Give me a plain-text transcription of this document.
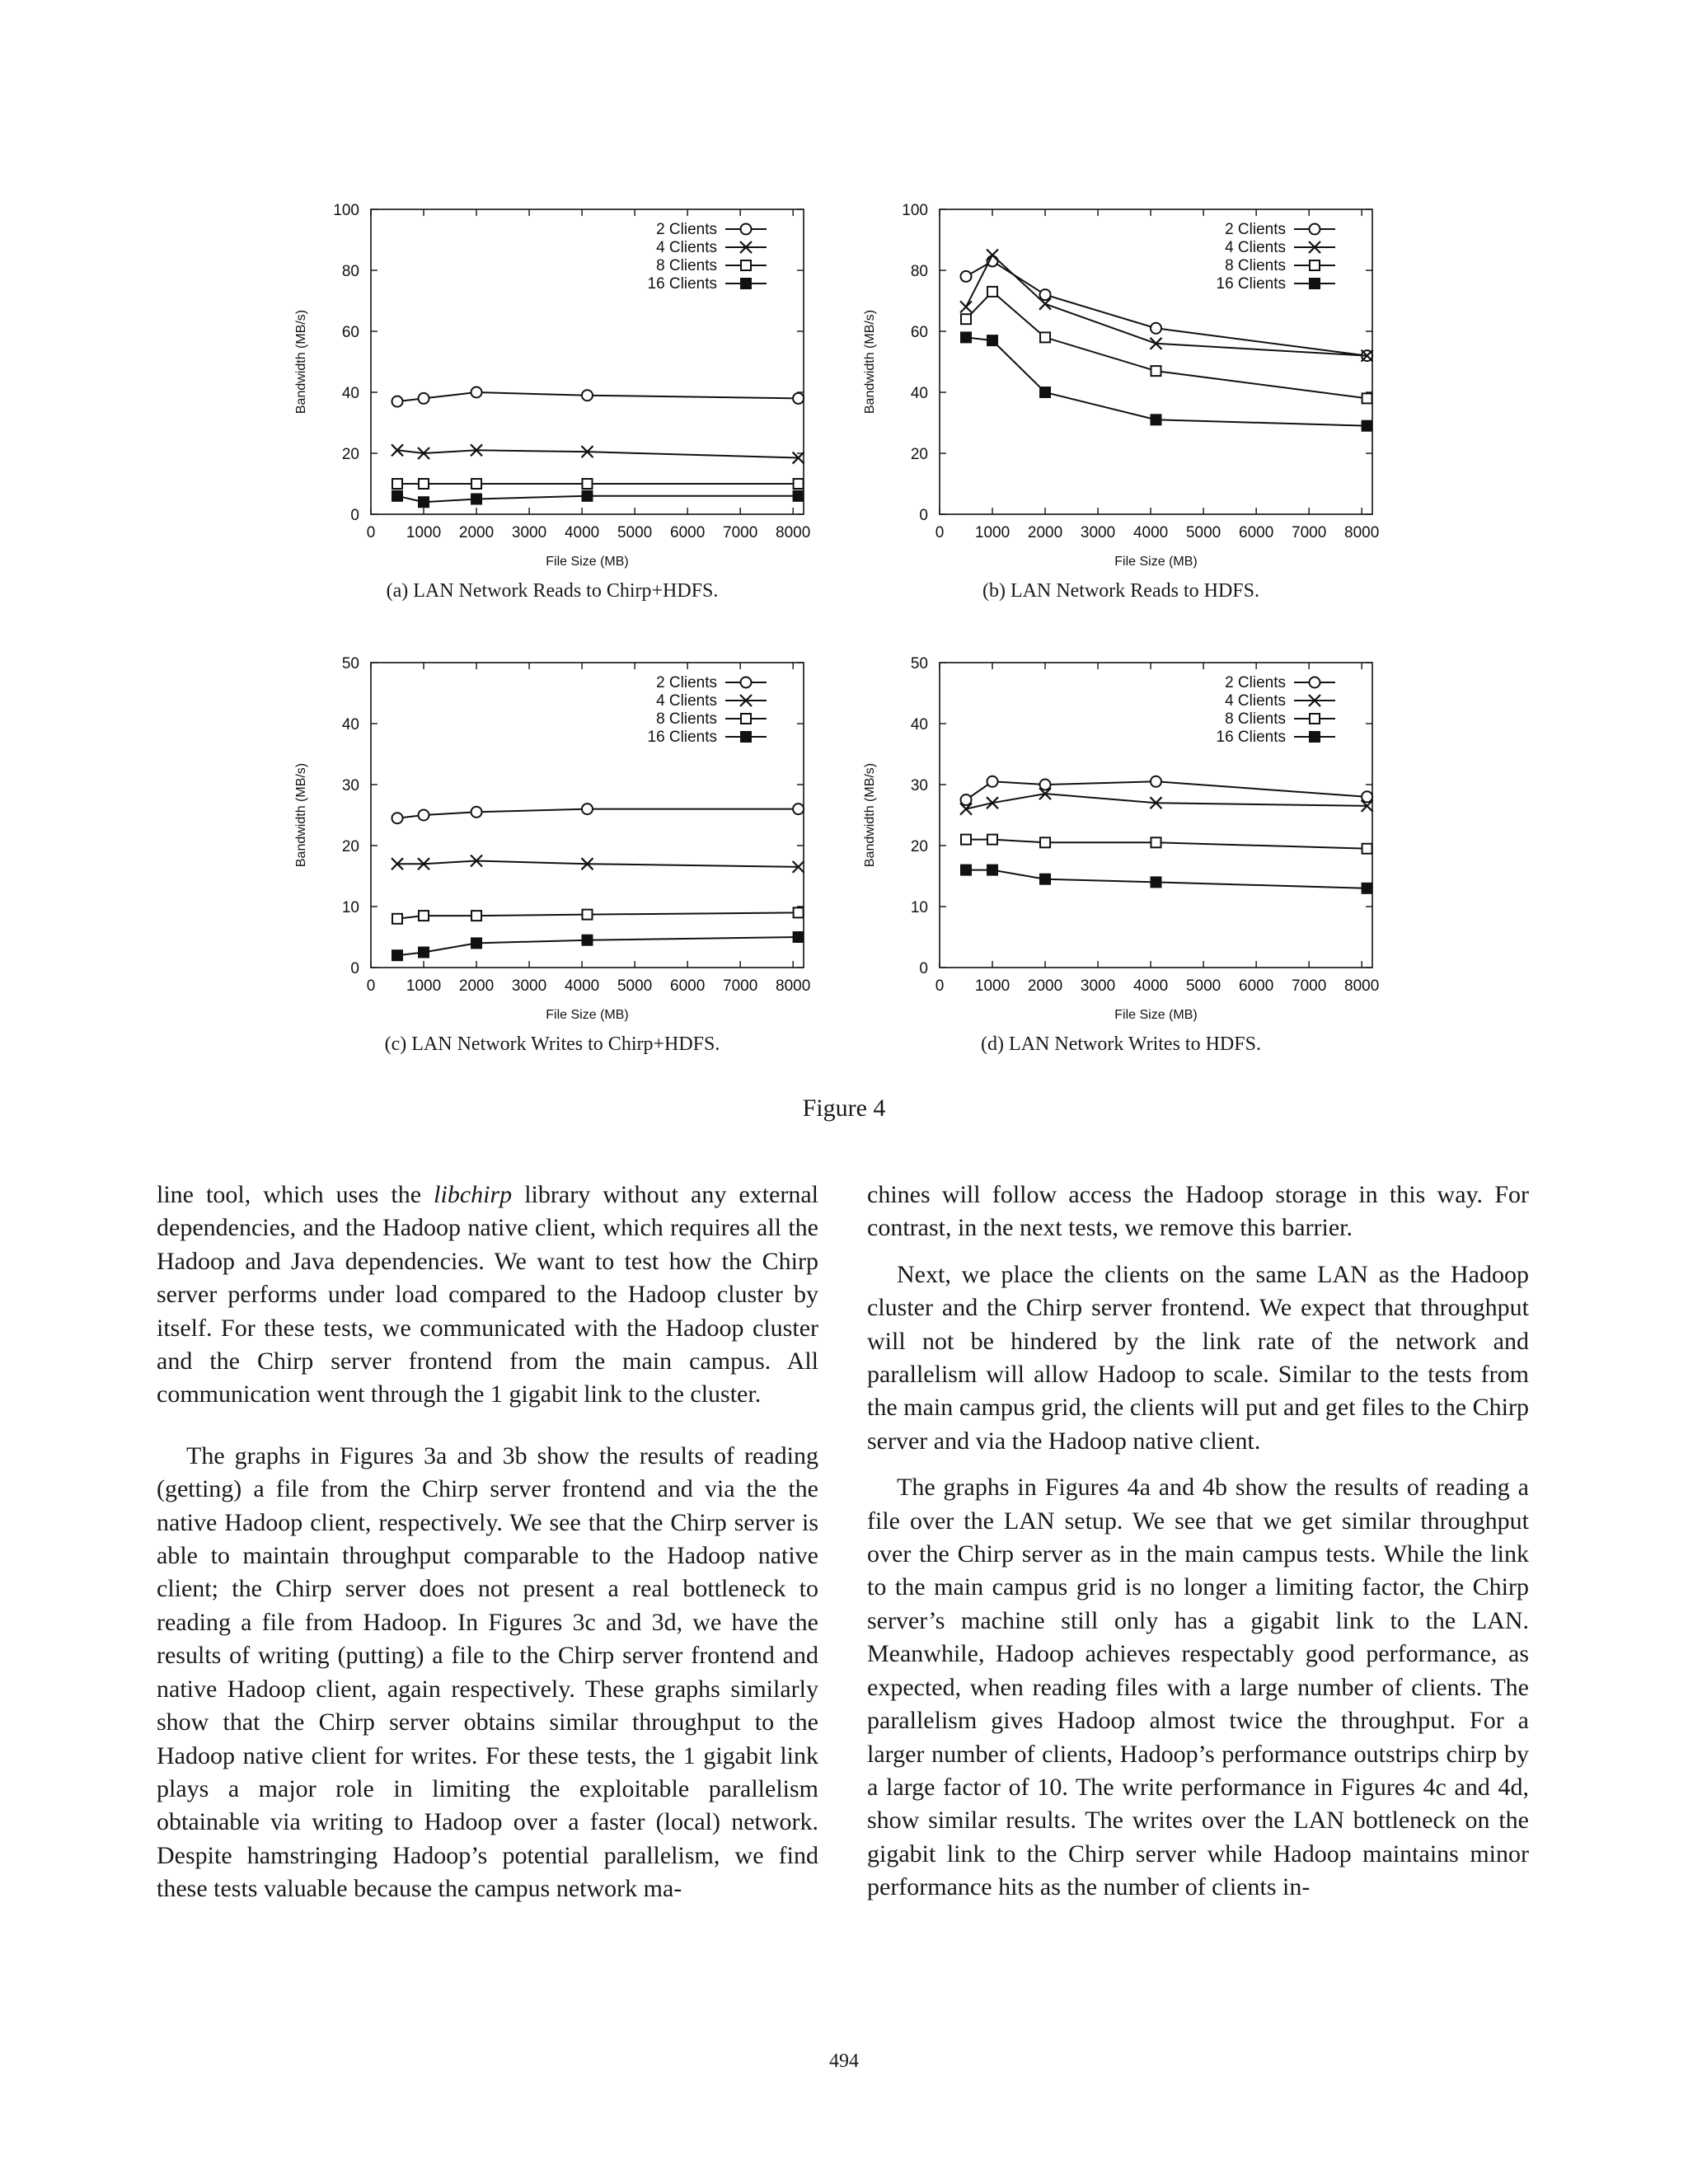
0 1000 2000 3000 4000 5000 6000 7000 8000
0
20
40
60
80
100
File Size (MB)
Bandwidth (MB/s)
2 Clients
4 Clients
8 Clients
16 Clients
(a) LAN Network Reads to Chirp+HDFS.
0 1000 2000 3000 4000 5000 6000 7000 8000
0
20
40
60
80
100
File Size (MB)
Bandwidth (MB/s)
2 Clients
4 Clients
8 Clients
16 Clients
(b) LAN Network Reads to HDFS.
0 1000 2000 3000 4000 5000 6000 7000 8000
0
10
20
30
40
50
File Size (MB)
Bandwidth (MB/s)
2 Clients
4 Clients
8 Clients
16 Clients
(c) LAN Network Writes to Chirp+HDFS.
0 1000 2000 3000 4000 5000 6000 7000 8000
0
10
20
30
40
50
File Size (MB)
Bandwidth (MB/s)
2 Clients
4 Clients
8 Clients
16 Clients
(d) LAN Network Writes to HDFS.
Figure 4

line tool, which uses the libchirp library without any external dependencies, and the Hadoop native client, which requires all the Hadoop and Java dependencies. We want to test how the Chirp server performs under load compared to the Hadoop cluster by itself. For these tests, we communicated with the Hadoop cluster and the Chirp server frontend from the main campus. All communication went through the 1 gigabit link to the cluster.

The graphs in Figures 3a and 3b show the results of reading (getting) a file from the Chirp server frontend and via the the native Hadoop client, respectively. We see that the Chirp server is able to maintain throughput comparable to the Hadoop native client; the Chirp server does not present a real bottleneck to reading a file from Hadoop. In Figures 3c and 3d, we have the results of writing (putting) a file to the Chirp server frontend and native Hadoop client, again respectively. These graphs similarly show that the Chirp server obtains similar throughput to the Hadoop native client for writes. For these tests, the 1 gigabit link plays a major role in limiting the exploitable parallelism obtainable via writing to Hadoop over a faster (local) network. Despite hamstringing Hadoop’s potential parallelism, we find these tests valuable because the campus network ma-

chines will follow access the Hadoop storage in this way. For contrast, in the next tests, we remove this barrier.

Next, we place the clients on the same LAN as the Hadoop cluster and the Chirp server frontend. We expect that throughput will not be hindered by the link rate of the network and parallelism will allow Hadoop to scale. Similar to the tests from the main campus grid, the clients will put and get files to the Chirp server and via the Hadoop native client.

The graphs in Figures 4a and 4b show the results of reading a file over the LAN setup. We see that we get similar throughput over the Chirp server as in the main campus tests. While the link to the main campus grid is no longer a limiting factor, the Chirp server’s machine still only has a gigabit link to the LAN. Meanwhile, Hadoop achieves respectably good performance, as expected, when reading files with a large number of clients. The parallelism gives Hadoop almost twice the throughput. For a larger number of clients, Hadoop’s performance outstrips chirp by a large factor of 10. The write performance in Figures 4c and 4d, show similar results. The writes over the LAN bottleneck on the gigabit link to the Chirp server while Hadoop maintains minor performance hits as the number of clients in-

494
